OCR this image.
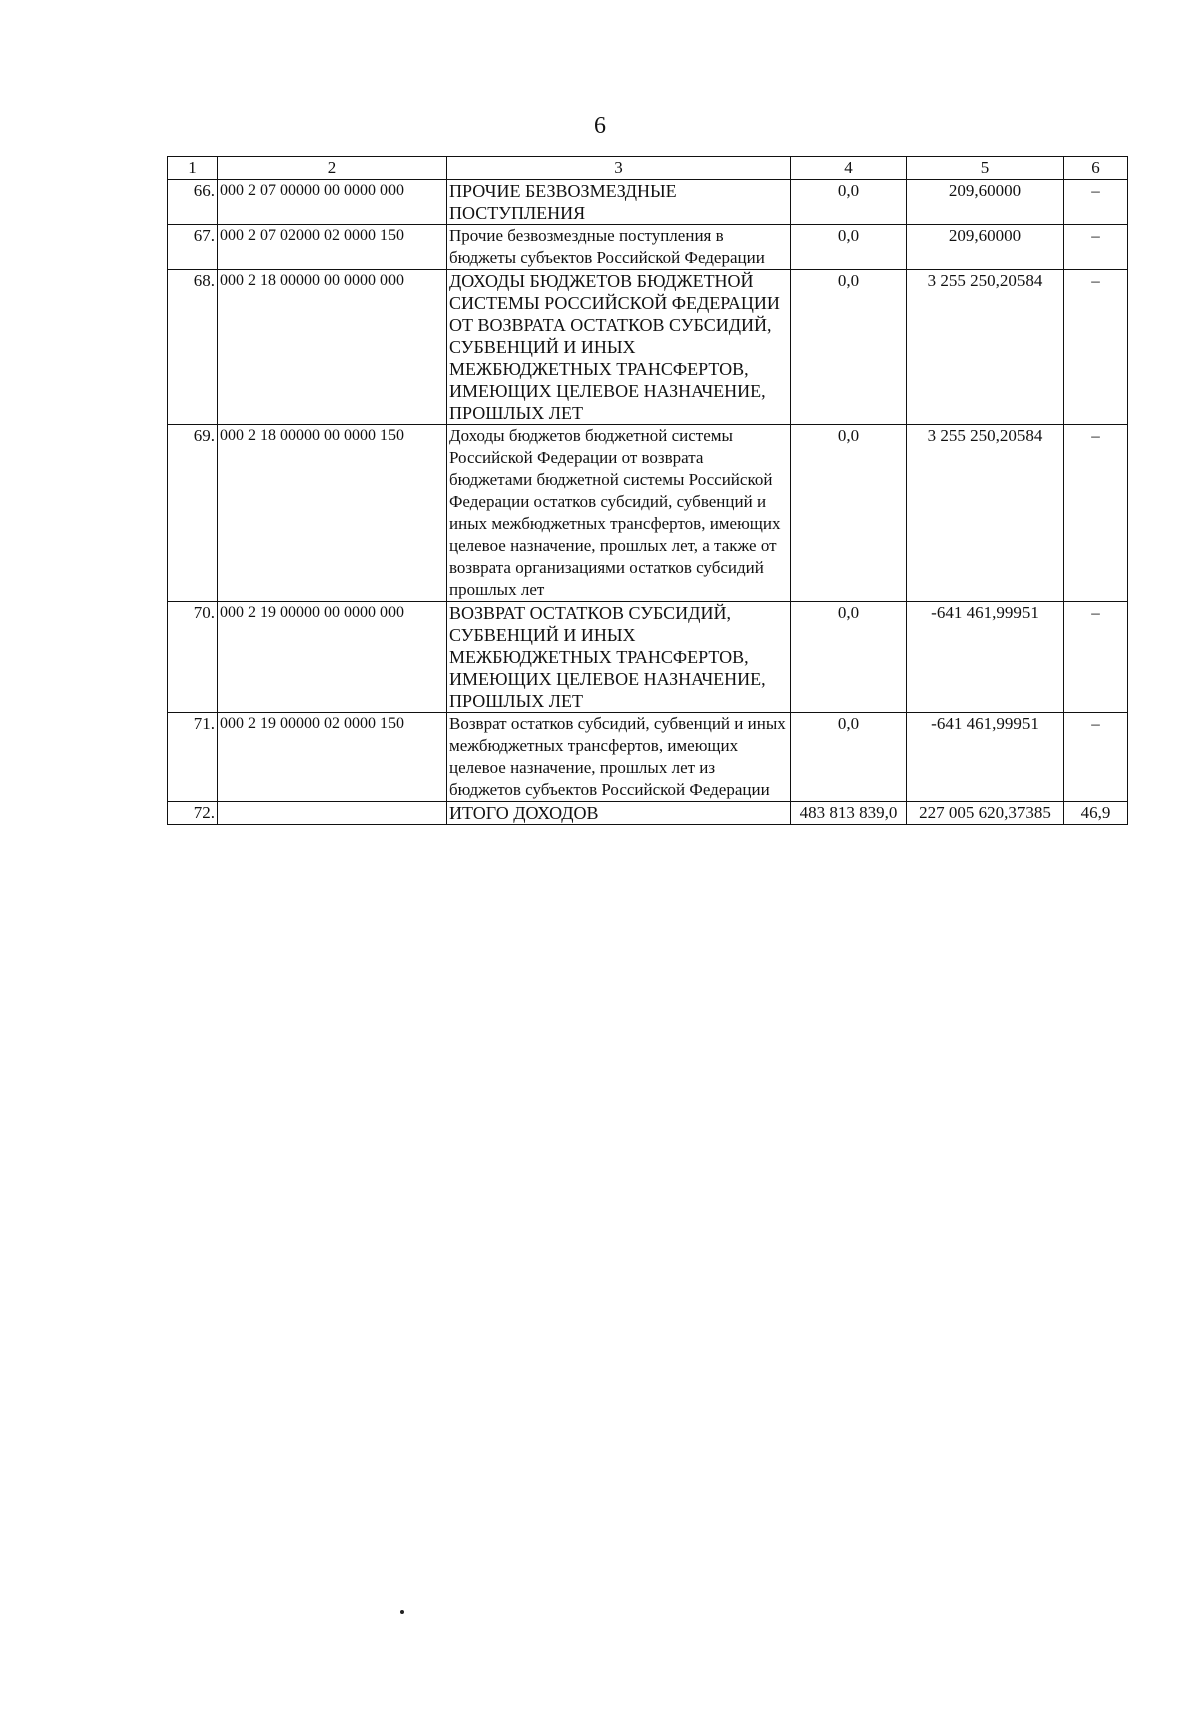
6
1	2	3	4	5	6
66.	000 2 07 00000 00 0000 000	ПРОЧИЕ БЕЗВОЗМЕЗДНЫЕ ПОСТУПЛЕНИЯ	0,0	209,60000	–
67.	000 2 07 02000 02 0000 150	Прочие безвозмездные поступления в бюджеты субъектов Российской Федерации	0,0	209,60000	–
68.	000 2 18 00000 00 0000 000	ДОХОДЫ БЮДЖЕТОВ БЮДЖЕТНОЙ СИСТЕМЫ РОССИЙСКОЙ ФЕДЕРАЦИИ ОТ ВОЗВРАТА ОСТАТКОВ СУБСИДИЙ, СУБВЕНЦИЙ И ИНЫХ МЕЖБЮДЖЕТНЫХ ТРАНСФЕРТОВ, ИМЕЮЩИХ ЦЕЛЕВОЕ НАЗНАЧЕНИЕ, ПРОШЛЫХ ЛЕТ	0,0	3 255 250,20584	–
69.	000 2 18 00000 00 0000 150	Доходы бюджетов бюджетной системы Российской Федерации от возврата бюджетами бюджетной системы Российской Федерации остатков субсидий, субвенций и иных межбюджетных трансфертов, имеющих целевое назначение, прошлых лет, а также от возврата организациями остатков субсидий прошлых лет	0,0	3 255 250,20584	–
70.	000 2 19 00000 00 0000 000	ВОЗВРАТ ОСТАТКОВ СУБСИДИЙ, СУБВЕНЦИЙ И ИНЫХ МЕЖБЮДЖЕТНЫХ ТРАНСФЕРТОВ, ИМЕЮЩИХ ЦЕЛЕВОЕ НАЗНАЧЕНИЕ, ПРОШЛЫХ ЛЕТ	0,0	-641 461,99951	–
71.	000 2 19 00000 02 0000 150	Возврат остатков субсидий, субвенций и иных межбюджетных трансфертов, имеющих целевое назначение, прошлых лет из бюджетов субъектов Российской Федерации	0,0	-641 461,99951	–
72.		ИТОГО ДОХОДОВ	483 813 839,0	227 005 620,37385	46,9
